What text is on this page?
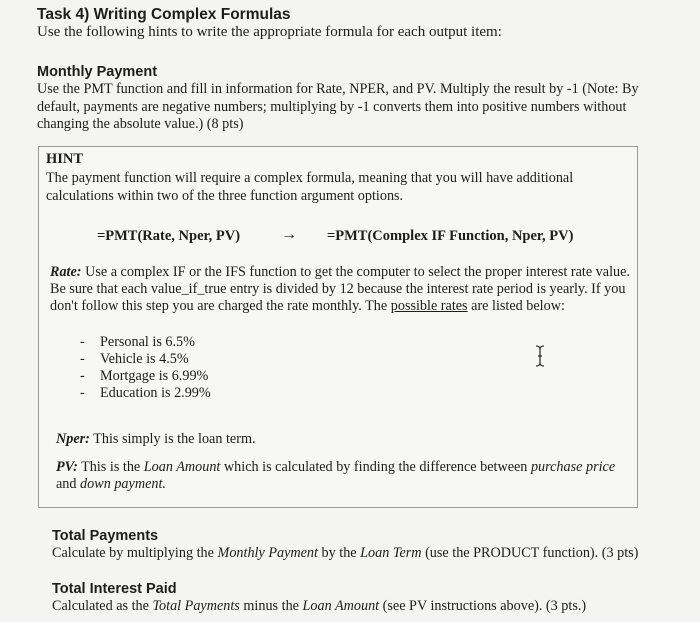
Task 4) Writing Complex Formulas
Use the following hints to write the appropriate formula for each output item:
Monthly Payment
Use the PMT function and fill in information for Rate, NPER, and PV. Multiply the result by -1 (Note: By
default, payments are negative numbers; multiplying by -1 converts them into positive numbers without
changing the absolute value.) (8 pts)
HINT
The payment function will require a complex formula, meaning that you will have additional
calculations within two of the three function argument options.
=PMT(Rate, Nper, PV)	→ =PMT(Complex IF Function, Nper, PV)
Rate: Use a complex IF or the IFS function to get the computer to select the proper interest rate value.
Be sure that each value_if_true entry is divided by 12 because the interest rate period is yearly. If you
don't follow this step you are charged the rate monthly. The possible rates are listed below:
- Personal is 6.5%
- Vehicle is 4.5%
- Mortgage is 6.99%
- Education is 2.99%
Nper: This simply is the loan term.
PV: This is the Loan Amount which is calculated by finding the difference between purchase price
and down payment.
Total Payments
Calculate by multiplying the Monthly Payment by the Loan Term (use the PRODUCT function). (3 pts)
Total Interest Paid
Calculated as the Total Payments minus the Loan Amount (see PV instructions above). (3 pts.)
